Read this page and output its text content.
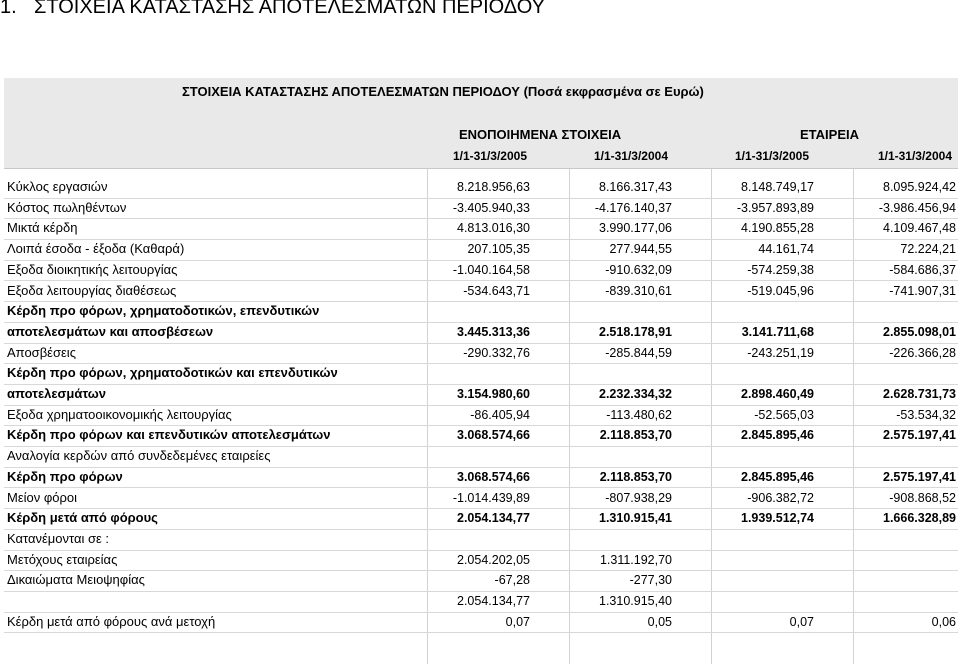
1. ΣΤΟΙΧΕΙΑ ΚΑΤΑΣΤΑΣΗΣ ΑΠΟΤΕΛΕΣΜΑΤΩΝ ΠΕΡΙΟΔΟΥ
ΣΤΟΙΧΕΙΑ ΚΑΤΑΣΤΑΣΗΣ ΑΠΟΤΕΛΕΣΜΑΤΩΝ ΠΕΡΙΟΔΟΥ (Ποσά εκφρασμένα σε Ευρώ)
ΕΝΟΠΟΙΗΜΕΝΑ ΣΤΟΙΧΕΙΑ	ΕΤΑΙΡΕΙΑ
1/1-31/3/2005	1/1-31/3/2004	1/1-31/3/2005	1/1-31/3/2004
Κύκλος εργασιών	8.218.956,63	8.166.317,43	8.148.749,17	8.095.924,42
Κόστος πωληθέντων	-3.405.940,33	-4.176.140,37	-3.957.893,89	-3.986.456,94
Μικτά κέρδη	4.813.016,30	3.990.177,06	4.190.855,28	4.109.467,48
Λοιπά έσοδα - έξοδα (Καθαρά)	207.105,35	277.944,55	44.161,74	72.224,21
Εξοδα διοικητικής λειτουργίας	-1.040.164,58	-910.632,09	-574.259,38	-584.686,37
Εξοδα λειτουργίας διαθέσεως	-534.643,71	-839.310,61	-519.045,96	-741.907,31
Κέρδη προ φόρων, χρηματοδοτικών, επενδυτικών
αποτελεσμάτων και αποσβέσεων	3.445.313,36	2.518.178,91	3.141.711,68	2.855.098,01
Αποσβέσεις	-290.332,76	-285.844,59	-243.251,19	-226.366,28
Κέρδη προ φόρων, χρηματοδοτικών και επενδυτικών
αποτελεσμάτων	3.154.980,60	2.232.334,32	2.898.460,49	2.628.731,73
Εξοδα χρηματοοικονομικής λειτουργίας	-86.405,94	-113.480,62	-52.565,03	-53.534,32
Κέρδη προ φόρων και επενδυτικών αποτελεσμάτων	3.068.574,66	2.118.853,70	2.845.895,46	2.575.197,41
Αναλογία κερδών από συνδεδεμένες εταιρείες
Κέρδη προ φόρων	3.068.574,66	2.118.853,70	2.845.895,46	2.575.197,41
Μείον φόροι	-1.014.439,89	-807.938,29	-906.382,72	-908.868,52
Κέρδη μετά από φόρους	2.054.134,77	1.310.915,41	1.939.512,74	1.666.328,89
Κατανέμονται σε :
Μετόχους εταιρείας	2.054.202,05	1.311.192,70
Δικαιώματα Μειοψηφίας	-67,28	-277,30
2.054.134,77	1.310.915,40
Κέρδη μετά από φόρους ανά μετοχή	0,07	0,05	0,07	0,06
